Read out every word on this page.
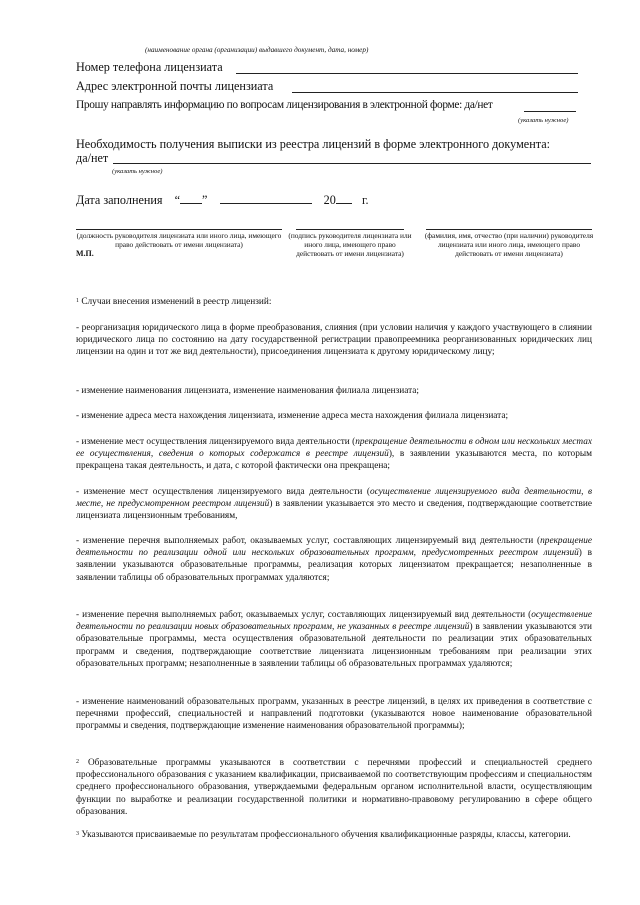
(наименование органа (организации) выдавшего документ, дата, номер)
Номер телефона лицензиата
Адрес электронной почты лицензиата
Прошу направлять информацию по вопросам лицензирования в электронной форме: да/нет
(указать нужное)
Необходимость получения выписки из реестра лицензий в форме электронного документа:
да/нет
(указать нужное)
Дата заполнения “ ”	20 г.
(должность руководителя лицензиата или иного лица, имеющего право действовать от имени лицензиата)
М.П.
(подпись руководителя лицензиата или иного лица, имеющего право действовать от имени лицензиата)
(фамилия, имя, отчество (при наличии) руководителя лицензиата или иного лица, имеющего право действовать от имени лицензиата)
$^1$ Случаи внесения изменений в реестр лицензий:
- реорганизация юридического лица в форме преобразования, слияния (при условии наличия у каждого участвующего в слиянии юридического лица по состоянию на дату государственной регистрации правопреемника реорганизованных юридических лиц лицензии на один и тот же вид деятельности), присоединения лицензиата к другому юридическому лицу;
- изменение наименования лицензиата, изменение наименования филиала лицензиата;
- изменение адреса места нахождения лицензиата, изменение адреса места нахождения филиала лицензиата;
- изменение мест осуществления лицензируемого вида деятельности (прекращение деятельности в одном или нескольких местах ее осуществления, сведения о которых содержатся в реестре лицензий), в заявлении указываются места, по которым прекращена такая деятельность, и дата, с которой фактически она прекращена;
- изменение мест осуществления лицензируемого вида деятельности (осуществление лицензируемого вида деятельности, в месте, не предусмотренном реестром лицензий) в заявлении указывается это место и сведения, подтверждающие соответствие лицензиата лицензионным требованиям,
- изменение перечня выполняемых работ, оказываемых услуг, составляющих лицензируемый вид деятельности (прекращение деятельности по реализации одной или нескольких образовательных программ, предусмотренных реестром лицензий) в заявлении указываются образовательные программы, реализация которых лицензиатом прекращается; незаполненные в заявлении таблицы об образовательных программах удаляются;
- изменение перечня выполняемых работ, оказываемых услуг, составляющих лицензируемый вид деятельности (осуществление деятельности по реализации новых образовательных программ, не указанных в реестре лицензий) в заявлении указываются эти образовательные программы, места осуществления образовательной деятельности по реализации этих образовательных программ и сведения, подтверждающие соответствие лицензиата лицензионным требованиям при реализации этих образовательных программ; незаполненные в заявлении таблицы об образовательных программах удаляются;
- изменение наименований образовательных программ, указанных в реестре лицензий, в целях их приведения в соответствие с перечнями профессий, специальностей и направлений подготовки (указываются новое наименование образовательной программы и сведения, подтверждающие изменение наименования образовательной программы);
$^2$ Образовательные программы указываются в соответствии с перечнями профессий и специальностей среднего профессионального образования с указанием квалификации, присваиваемой по соответствующим профессиям и специальностям среднего профессионального образования, утверждаемыми федеральным органом исполнительной власти, осуществляющим функции по выработке и реализации государственной политики и нормативно-правовому регулированию в сфере общего образования.
$^3$ Указываются присваиваемые по результатам профессионального обучения квалификационные разряды, классы, категории.
